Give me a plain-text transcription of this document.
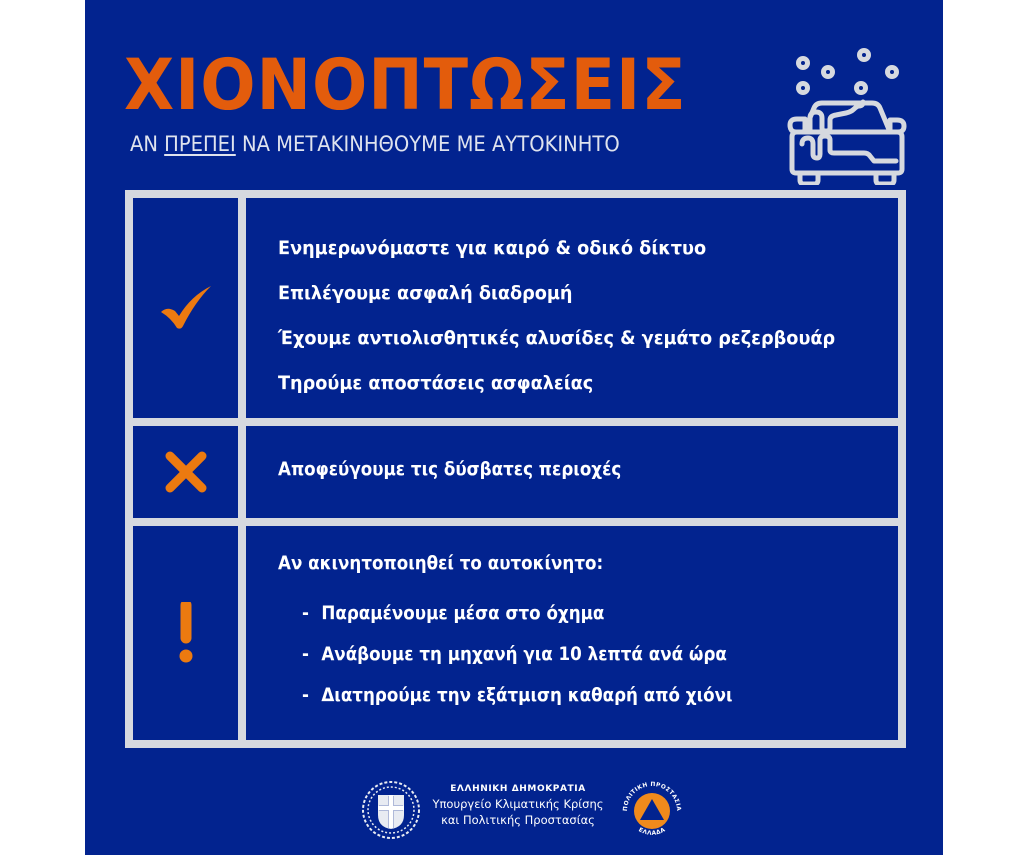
ΧΙΟΝΟΠΤΩΣΕΙΣ
ΑΝ ΠΡΕΠΕΙ ΝΑ ΜΕΤΑΚΙΝΗΘΟΥΜΕ ΜΕ ΑΥΤΟΚΙΝΗΤΟ
Ενημερωνόμαστε για καιρό & οδικό δίκτυο
Επιλέγουμε ασφαλή διαδρομή
Έχουμε αντιολισθητικές αλυσίδες & γεμάτο ρεζερβουάρ
Τηρούμε αποστάσεις ασφαλείας
Αποφεύγουμε τις δύσβατες περιοχές
Αν ακινητοποιηθεί το αυτοκίνητο:
- Παραμένουμε μέσα στο όχημα
- Ανάβουμε τη μηχανή για 10 λεπτά ανά ώρα
- Διατηρούμε την εξάτμιση καθαρή από χιόνι
ΕΛΛΗΝΙΚΗ ΔΗΜΟΚΡΑΤΙΑ
Υπουργείο Κλιματικής Κρίσης
και Πολιτικής Προστασίας
ΠΟΛΙΤΙΚΗ ΠΡΟΣΤΑΣΙΑ
ΕΛΛΑΔΑ
